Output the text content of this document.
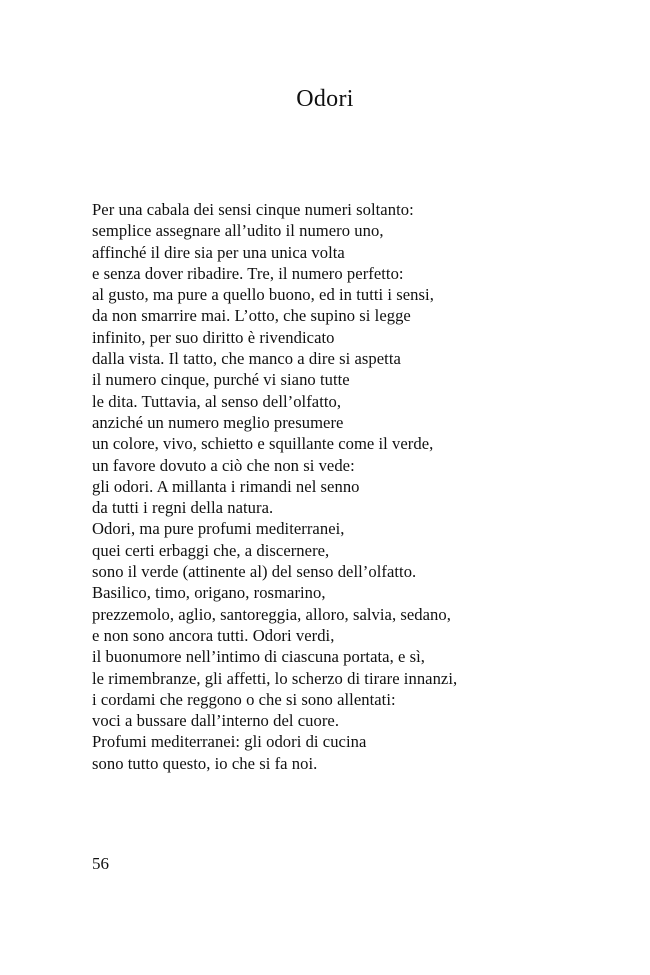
Odori
Per una cabala dei sensi cinque numeri soltanto:
semplice assegnare all’udito il numero uno,
affinché il dire sia per una unica volta
e senza dover ribadire. Tre, il numero perfetto:
al gusto, ma pure a quello buono, ed in tutti i sensi,
da non smarrire mai. L’otto, che supino si legge
infinito, per suo diritto è rivendicato
dalla vista. Il tatto, che manco a dire si aspetta
il numero cinque, purché vi siano tutte
le dita. Tuttavia, al senso dell’olfatto,
anziché un numero meglio presumere
un colore, vivo, schietto e squillante come il verde,
un favore dovuto a ciò che non si vede:
gli odori. A millanta i rimandi nel senno
da tutti i regni della natura.
Odori, ma pure profumi mediterranei,
quei certi erbaggi che, a discernere,
sono il verde (attinente al) del senso dell’olfatto.
Basilico, timo, origano, rosmarino,
prezzemolo, aglio, santoreggia, alloro, salvia, sedano,
e non sono ancora tutti. Odori verdi,
il buonumore nell’intimo di ciascuna portata, e sì,
le rimembranze, gli affetti, lo scherzo di tirare innanzi,
i cordami che reggono o che si sono allentati:
voci a bussare dall’interno del cuore.
Profumi mediterranei: gli odori di cucina
sono tutto questo, io che si fa noi.
56
